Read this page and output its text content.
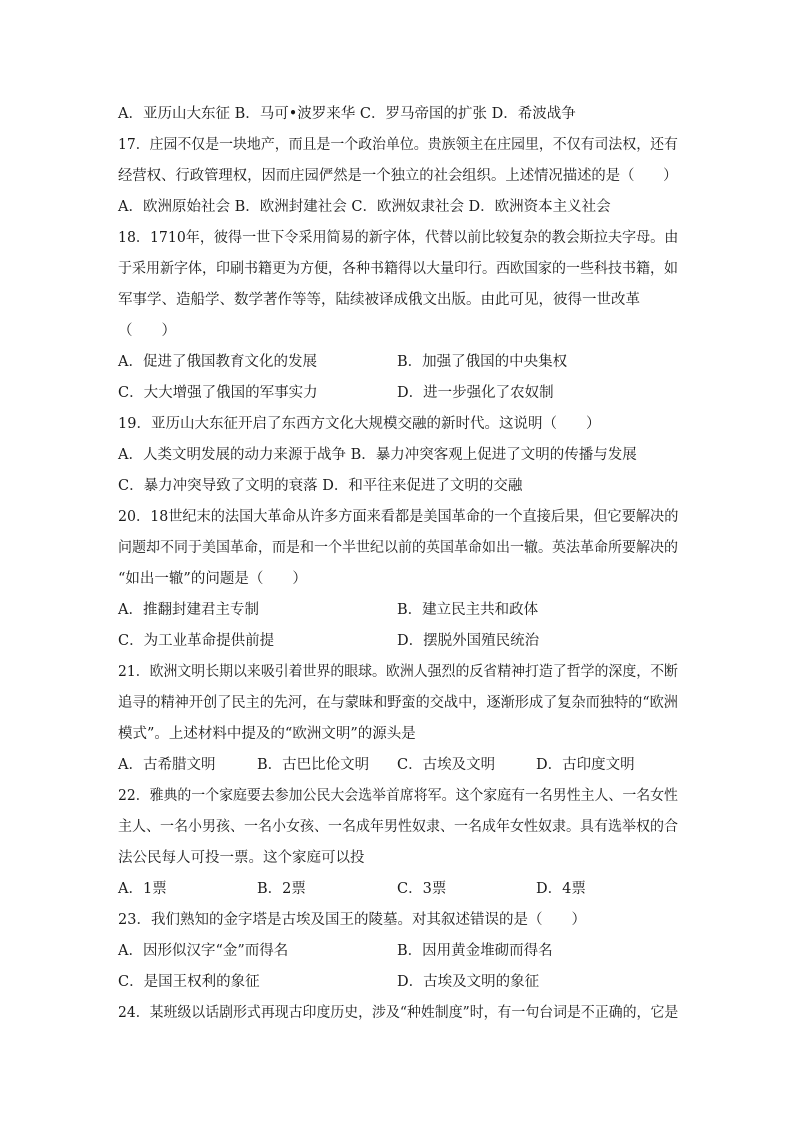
A．亚历山大东征 B．马可•波罗来华 C．罗马帝国的扩张 D．希波战争
17．庄园不仅是一块地产，而且是一个政治单位。贵族领主在庄园里，不仅有司法权，还有
经营权、行政管理权，因而庄园俨然是一个独立的社会组织。上述情况描述的是（　　）
A．欧洲原始社会 B．欧洲封建社会 C．欧洲奴隶社会 D．欧洲资本主义社会
18．1710年，彼得一世下令采用简易的新字体，代替以前比较复杂的教会斯拉夫字母。由
于采用新字体，印刷书籍更为方便，各种书籍得以大量印行。西欧国家的一些科技书籍，如
军事学、造船学、数学著作等等，陆续被译成俄文出版。由此可见，彼得一世改革
（　　）
A．促进了俄国教育文化的发展	B．加强了俄国的中央集权
C．大大增强了俄国的军事实力	D．进一步强化了农奴制
19．亚历山大东征开启了东西方文化大规模交融的新时代。这说明（　　）
A．人类文明发展的动力来源于战争 B．暴力冲突客观上促进了文明的传播与发展
C．暴力冲突导致了文明的衰落 D．和平往来促进了文明的交融
20．18世纪末的法国大革命从许多方面来看都是美国革命的一个直接后果，但它要解决的
问题却不同于美国革命，而是和一个半世纪以前的英国革命如出一辙。英法革命所要解决的
“如出一辙”的问题是（　　）
A．推翻封建君主专制	B．建立民主共和政体
C．为工业革命提供前提	D．摆脱外国殖民统治
21．欧洲文明长期以来吸引着世界的眼球。欧洲人强烈的反省精神打造了哲学的深度，不断
追寻的精神开创了民主的先河，在与蒙昧和野蛮的交战中，逐渐形成了复杂而独特的“欧洲
模式”。上述材料中提及的“欧洲文明”的源头是
A．古希腊文明	B．古巴比伦文明 C．古埃及文明	D．古印度文明
22．雅典的一个家庭要去参加公民大会选举首席将军。这个家庭有一名男性主人、一名女性
主人、一名小男孩、一名小女孩、一名成年男性奴隶、一名成年女性奴隶。具有选举权的合
法公民每人可投一票。这个家庭可以投
A．1票	B．2票	C．3票	D．4票
23．我们熟知的金字塔是古埃及国王的陵墓。对其叙述错误的是（　　）
A．因形似汉字“金”而得名	B．因用黄金堆砌而得名
C．是国王权利的象征	D．古埃及文明的象征
24．某班级以话剧形式再现古印度历史，涉及“种姓制度”时，有一句台词是不正确的，它是
